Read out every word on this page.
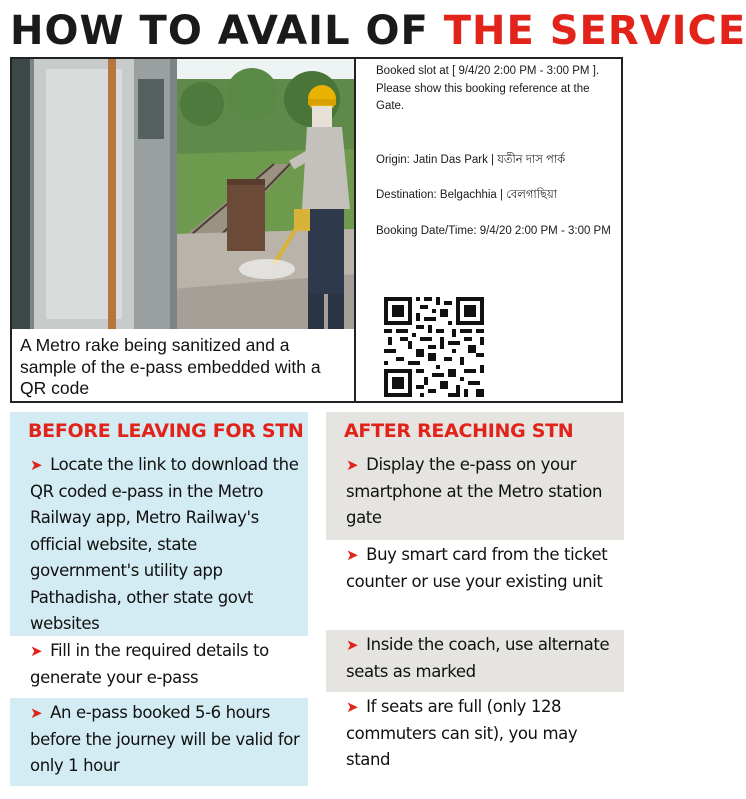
HOW TO AVAIL OF THE SERVICE
A Metro rake being sanitized and a sample of the e-pass embedded with a QR code

Booked slot at [ 9/4/20 2:00 PM - 3:00 PM ].

Please show this booking reference at the Gate.

Origin: Jatin Das Park | যতীন দাস পার্ক

Destination: Belgachhia | বেলগাছিয়া

Booking Date/Time: 9/4/20 2:00 PM - 3:00 PM

BEFORE LEAVING FOR STN
➤ Locate the link to download the QR coded e-pass in the Metro Railway app, Metro Railway's official website, state government's utility app Pathadisha, other state govt websites
➤ Fill in the required details to generate your e-pass
➤ An e-pass booked 5-6 hours before the journey will be valid for only 1 hour
AFTER REACHING STN
➤ Display the e-pass on your smartphone at the Metro station gate
➤ Buy smart card from the ticket counter or use your existing unit
➤ Inside the coach, use alternate seats as marked
➤ If seats are full (only 128 commuters can sit), you may stand
